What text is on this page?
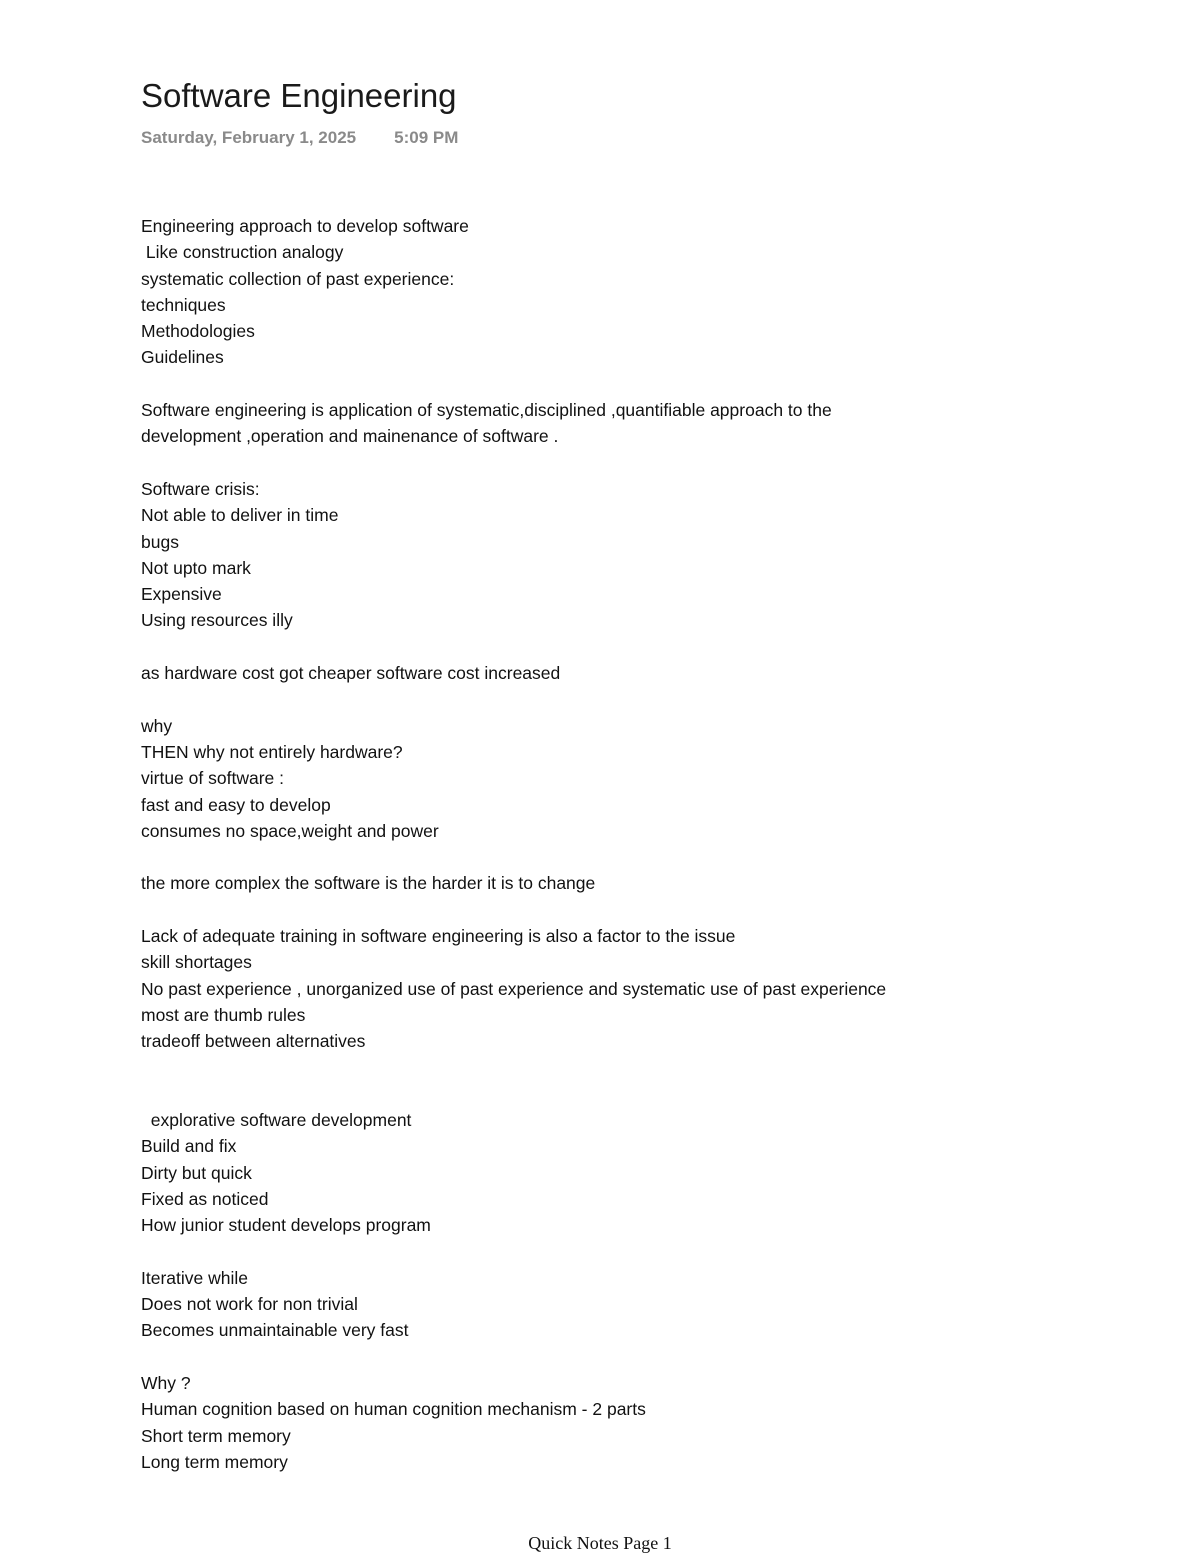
Software Engineering
Saturday, February 1, 2025 5:09 PM
Engineering approach to develop software
Like construction analogy
systematic collection of past experience:
techniques
Methodologies
Guidelines
Software engineering is application of systematic,disciplined ,quantifiable approach to the
development ,operation and mainenance of software .
Software crisis:
Not able to deliver in time
bugs
Not upto mark
Expensive
Using resources illy
as hardware cost got cheaper software cost increased
why
THEN why not entirely hardware?
virtue of software :
fast and easy to develop
consumes no space,weight and power
the more complex the software is the harder it is to change
Lack of adequate training in software engineering is also a factor to the issue
skill shortages
No past experience , unorganized use of past experience and systematic use of past experience
most are thumb rules
tradeoff between alternatives
explorative software development
Build and fix
Dirty but quick
Fixed as noticed
How junior student develops program
Iterative while
Does not work for non trivial
Becomes unmaintainable very fast
Why ?
Human cognition based on human cognition mechanism - 2 parts
Short term memory
Long term memory
Quick Notes Page 1
